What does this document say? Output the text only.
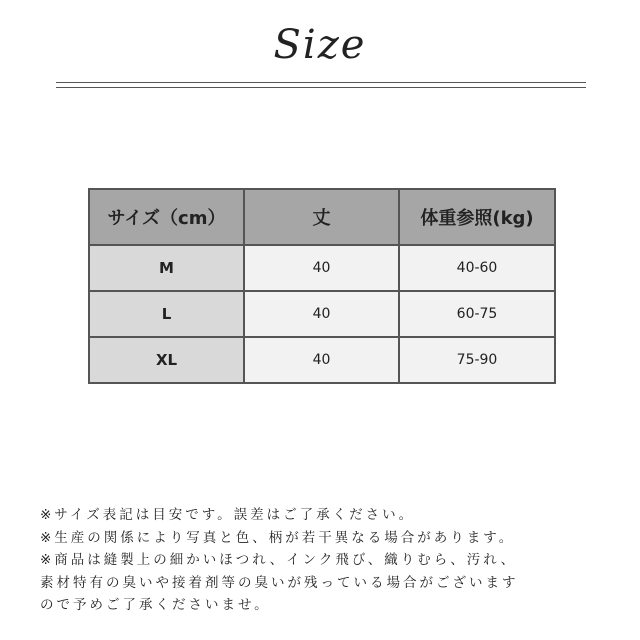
Size
サイズ（cm）	丈	体重参照(kg)
M	40	40-60
L	40	60-75
XL	40	75-90
※サイズ表記は目安です。誤差はご了承ください。
※生産の関係により写真と色、柄が若干異なる場合があります。
※商品は縫製上の細かいほつれ、インク飛び、織りむら、汚れ、
素材特有の臭いや接着剤等の臭いが残っている場合がございます
ので予めご了承くださいませ。
